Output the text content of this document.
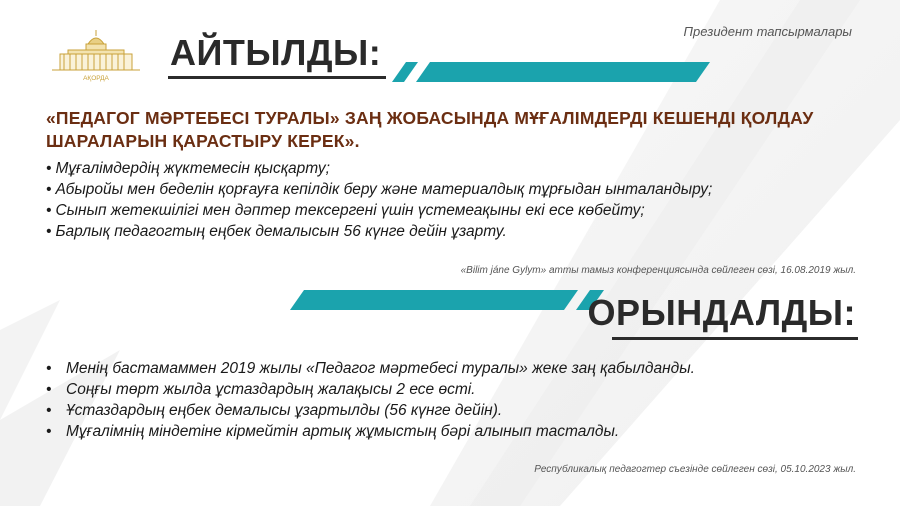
Президент тапсырмалары
АҚОРДА
АЙТЫЛДЫ:

«ПЕДАГОГ МӘРТЕБЕСІ ТУРАЛЫ» ЗАҢ ЖОБАСЫНДА МҰҒАЛІМДЕРДІ КЕШЕНДІ ҚОЛДАУ ШАРАЛАРЫН ҚАРАСТЫРУ КЕРЕК».

• Мұғалімдердің жүктемесін қысқарту;
• Абыройы мен беделін қорғауға кепілдік беру және материалдық тұрғыдан ынталандыру;
• Сынып жетекшілігі мен дәптер тексергені үшін үстемеақыны екі есе көбейту;
• Барлық педагогтың еңбек демалысын 56 күнге дейін ұзарту.

«Bilim jáne Gylym» атты тамыз конференциясында сөйлеген сөзі, 16.08.2019 жыл.

ОРЫНДАЛДЫ:
• Менің бастамаммен 2019 жылы «Педагог мәртебесі туралы» жеке заң қабылданды.
• Соңғы төрт жылда ұстаздардың жалақысы 2 есе өсті.
• Ұстаздардың еңбек демалысы ұзартылды (56 күнге дейін).
• Мұғалімнің міндетіне кірмейтін артық жұмыстың бәрі алынып тасталды.

Республикалық педагогтер съезінде сөйлеген сөзі, 05.10.2023 жыл.
